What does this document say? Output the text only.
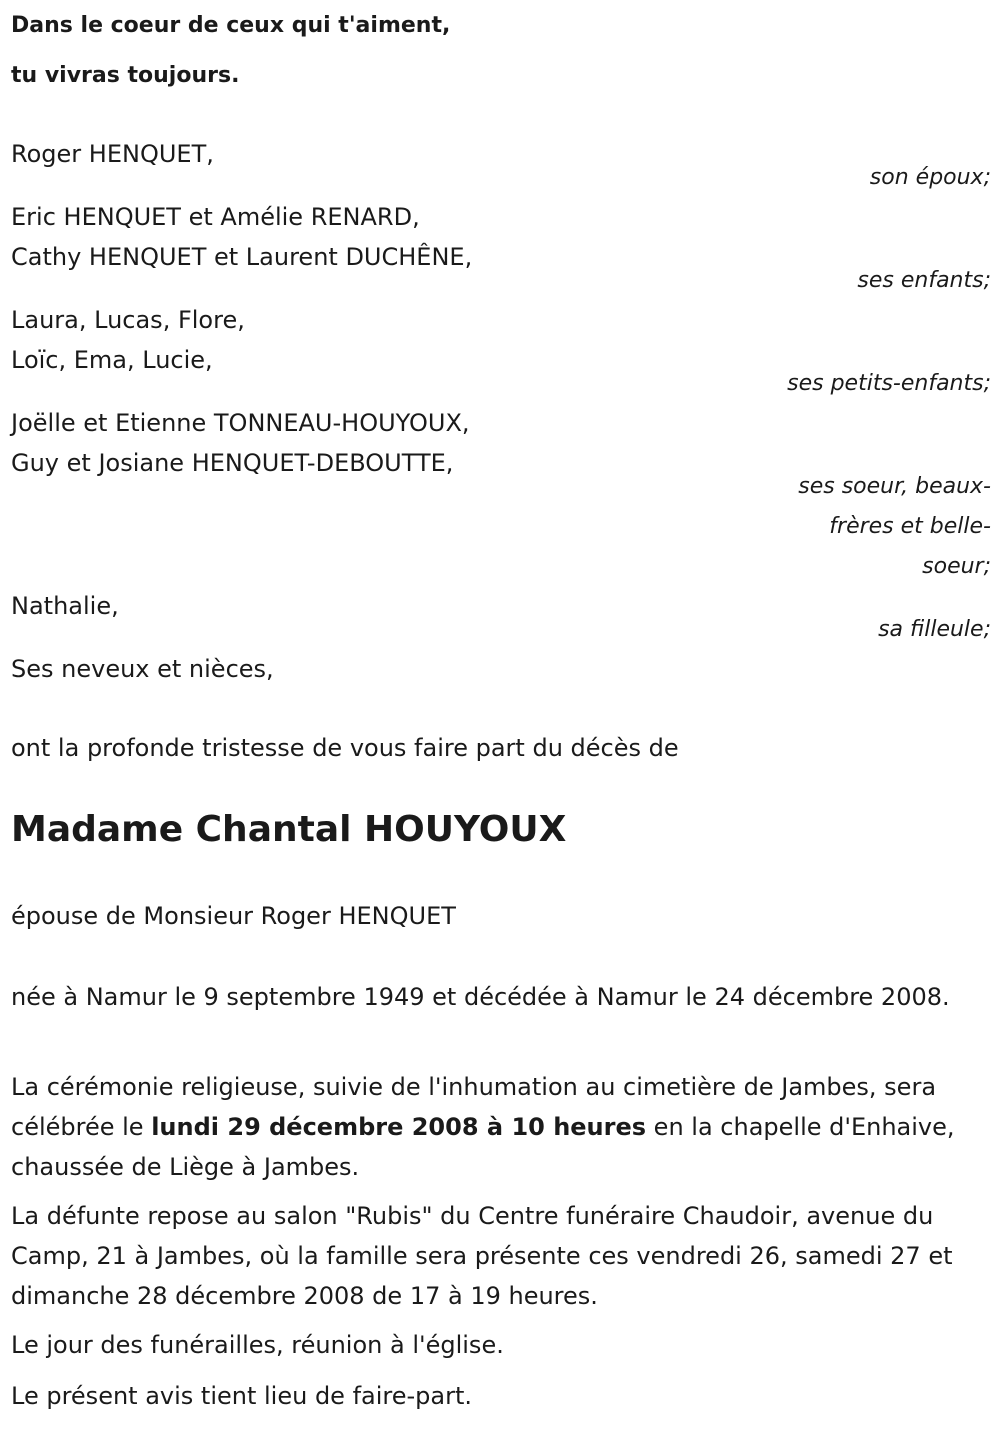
Dans le coeur de ceux qui t'aiment,
tu vivras toujours.
Roger HENQUET,
son époux;
Eric HENQUET et Amélie RENARD,
Cathy HENQUET et Laurent DUCHÊNE,
ses enfants;
Laura, Lucas, Flore,
Loïc, Ema, Lucie,
ses petits-enfants;
Joëlle et Etienne TONNEAU-HOUYOUX,
Guy et Josiane HENQUET-DEBOUTTE,
ses soeur, beaux-
frères et belle-
soeur;
Nathalie,
sa filleule;
Ses neveux et nièces,
ont la profonde tristesse de vous faire part du décès de
Madame Chantal HOUYOUX
épouse de Monsieur Roger HENQUET
née à Namur le 9 septembre 1949 et décédée à Namur le 24 décembre 2008.
La cérémonie religieuse, suivie de l'inhumation au cimetière de Jambes, sera célébrée le lundi 29 décembre 2008 à 10 heures en la chapelle d'Enhaive, chaussée de Liège à Jambes.
La défunte repose au salon "Rubis" du Centre funéraire Chaudoir, avenue du Camp, 21 à Jambes, où la famille sera présente ces vendredi 26, samedi 27 et dimanche 28 décembre 2008 de 17 à 19 heures.
Le jour des funérailles, réunion à l'église.
Le présent avis tient lieu de faire-part.
